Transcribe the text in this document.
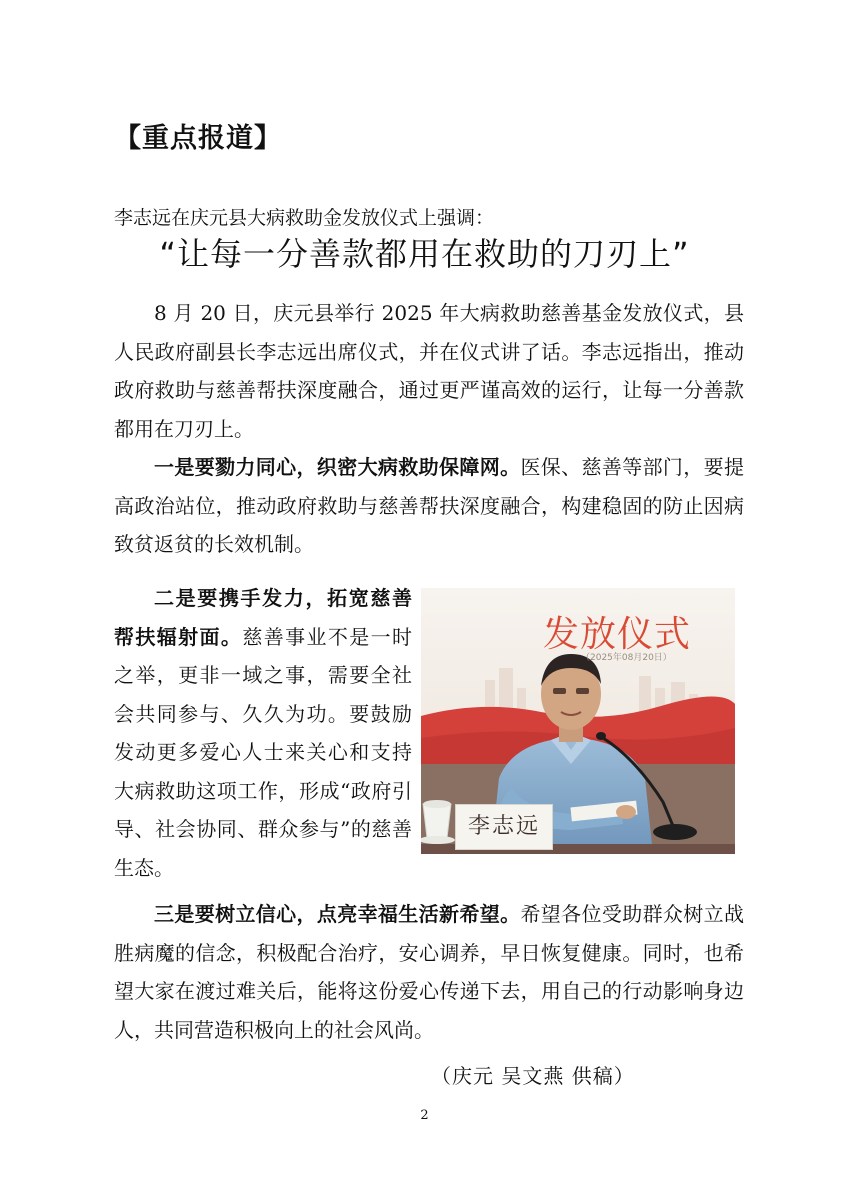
【重点报道】
李志远在庆元县大病救助金发放仪式上强调：
“让每一分善款都用在救助的刀刃上”

8 月 20 日，庆元县举行 2025 年大病救助慈善基金发放仪式，县人民政府副县长李志远出席仪式，并在仪式讲了话。李志远指出，推动政府救助与慈善帮扶深度融合，通过更严谨高效的运行，让每一分善款都用在刀刃上。

一是要勠力同心，织密大病救助保障网。医保、慈善等部门，要提高政治站位，推动政府救助与慈善帮扶深度融合，构建稳固的防止因病致贫返贫的长效机制。

二是要携手发力，拓宽慈善帮扶辐射面。慈善事业不是一时之举，更非一域之事，需要全社会共同参与、久久为功。要鼓励发动更多爱心人士来关心和支持大病救助这项工作，形成“政府引导、社会协同、群众参与”的慈善生态。

发放仪式
（2025年08月20日）
李志远

三是要树立信心，点亮幸福生活新希望。希望各位受助群众树立战胜病魔的信念，积极配合治疗，安心调养，早日恢复健康。同时，也希望大家在渡过难关后，能将这份爱心传递下去，用自己的行动影响身边人，共同营造积极向上的社会风尚。

（庆元 吴文燕 供稿）
2
